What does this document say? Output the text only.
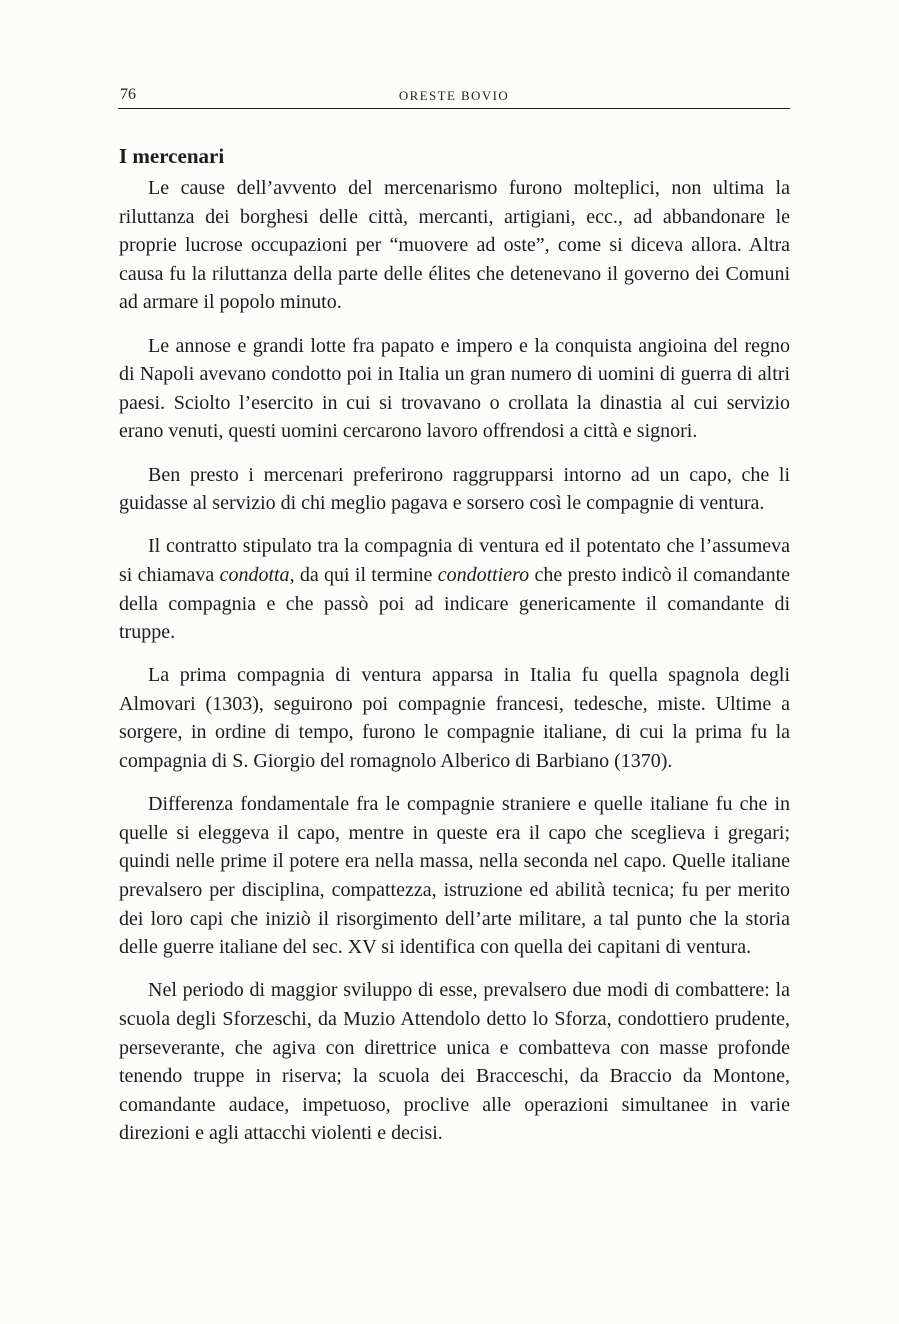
76	ORESTE BOVIO
I mercenari

Le cause dell’avvento del mercenarismo furono molteplici, non ultima la riluttanza dei borghesi delle città, mercanti, artigiani, ecc., ad abbandonare le proprie lucrose occupazioni per “muovere ad oste”, come si diceva allora. Altra causa fu la riluttanza della parte delle élites che detenevano il governo dei Comuni ad armare il popolo minuto.

Le annose e grandi lotte fra papato e impero e la conquista angioina del regno di Napoli avevano condotto poi in Italia un gran numero di uomini di guerra di altri paesi. Sciolto l’esercito in cui si trovavano o crollata la dinastia al cui servizio erano venuti, questi uomini cercarono lavoro offrendosi a città e signori.

Ben presto i mercenari preferirono raggrupparsi intorno ad un capo, che li guidasse al servizio di chi meglio pagava e sorsero così le compagnie di ventura.

Il contratto stipulato tra la compagnia di ventura ed il potentato che l’assumeva si chiamava condotta, da qui il termine condottiero che presto indicò il comandante della compagnia e che passò poi ad indicare genericamente il comandante di truppe.

La prima compagnia di ventura apparsa in Italia fu quella spagnola degli Almovari (1303), seguirono poi compagnie francesi, tedesche, miste. Ultime a sorgere, in ordine di tempo, furono le compagnie italiane, di cui la prima fu la compagnia di S. Giorgio del romagnolo Alberico di Barbiano (1370).

Differenza fondamentale fra le compagnie straniere e quelle italiane fu che in quelle si eleggeva il capo, mentre in queste era il capo che sceglieva i gregari; quindi nelle prime il potere era nella massa, nella seconda nel capo. Quelle italiane prevalsero per disciplina, compattezza, istruzione ed abilità tecnica; fu per merito dei loro capi che iniziò il risorgimento dell’arte militare, a tal punto che la storia delle guerre italiane del sec. XV si identifica con quella dei capitani di ventura.

Nel periodo di maggior sviluppo di esse, prevalsero due modi di combattere: la scuola degli Sforzeschi, da Muzio Attendolo detto lo Sforza, condottiero prudente, perseverante, che agiva con direttrice unica e combatteva con masse profonde tenendo truppe in riserva; la scuola dei Bracceschi, da Braccio da Montone, comandante audace, impetuoso, proclive alle operazioni simultanee in varie direzioni e agli attacchi violenti e decisi.
